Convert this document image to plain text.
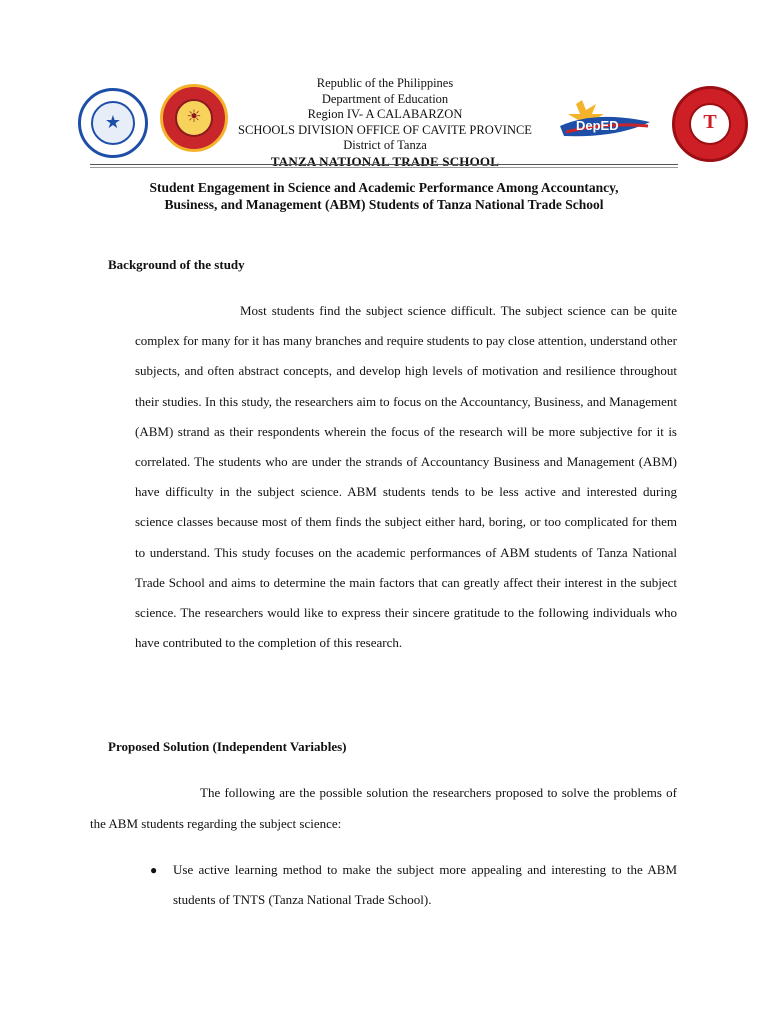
★	☀	DepED
CAVITE
T
Republic of the Philippines
Department of Education
Region IV- A CALABARZON
SCHOOLS DIVISION OFFICE OF CAVITE PROVINCE
District of Tanza
TANZA NATIONAL TRADE SCHOOL
Student Engagement in Science and Academic Performance Among Accountancy,
Business, and Management (ABM) Students of Tanza National Trade School
Background of the study
Most students find the subject science difficult. The subject science can be quite complex for many for it has many branches and require students to pay close attention, understand other subjects, and often abstract concepts, and develop high levels of motivation and resilience throughout their studies. In this study, the researchers aim to focus on the Accountancy, Business, and Management (ABM) strand as their respondents wherein the focus of the research will be more subjective for it is correlated. The students who are under the strands of Accountancy Business and Management (ABM) have difficulty in the subject science. ABM students tends to be less active and interested during science classes because most of them finds the subject either hard, boring, or too complicated for them to understand. This study focuses on the academic performances of ABM students of Tanza National Trade School and aims to determine the main factors that can greatly affect their interest in the subject science. The researchers would like to express their sincere gratitude to the following individuals who have contributed to the completion of this research.
Proposed Solution (Independent Variables)
The following are the possible solution the researchers proposed to solve the problems of the ABM students regarding the subject science:
● Use active learning method to make the subject more appealing and interesting to the ABM students of TNTS (Tanza National Trade School).
